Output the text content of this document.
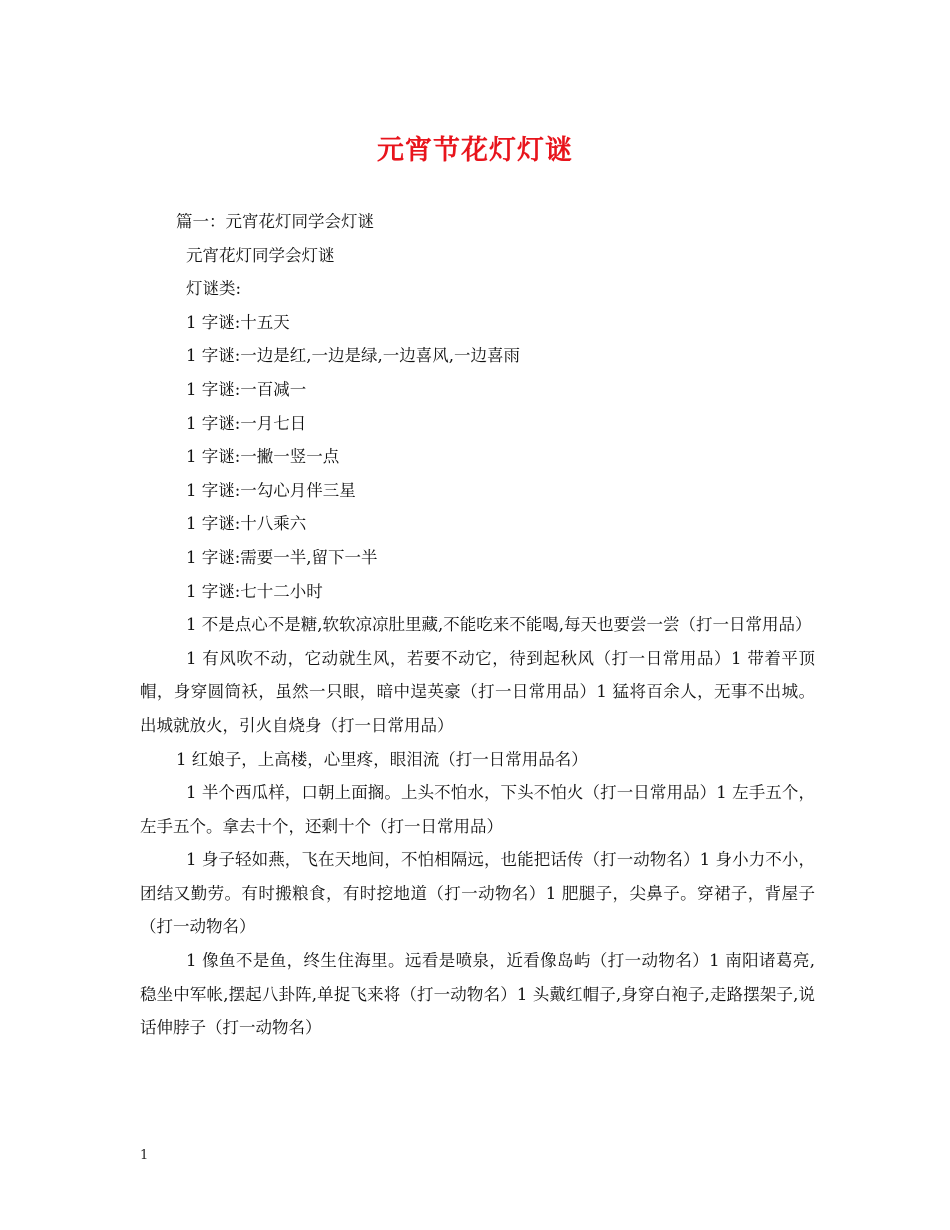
元宵节花灯灯谜
篇一：元宵花灯同学会灯谜
元宵花灯同学会灯谜
灯谜类:
1 字谜:十五天
1 字谜:一边是红,一边是绿,一边喜风,一边喜雨
1 字谜:一百减一
1 字谜:一月七日
1 字谜:一撇一竖一点
1 字谜:一勾心月伴三星
1 字谜:十八乘六
1 字谜:需要一半,留下一半
1 字谜:七十二小时
1 不是点心不是糖,软软凉凉肚里藏,不能吃来不能喝,每天也要尝一尝（打一日常用品）
1 有风吹不动，它动就生风，若要不动它，待到起秋风（打一日常用品）1 带着平顶帽，身穿圆筒袄，虽然一只眼，暗中逞英豪（打一日常用品）1 猛将百余人，无事不出城。出城就放火，引火自烧身（打一日常用品）
1 红娘子，上高楼，心里疼，眼泪流（打一日常用品名）
1 半个西瓜样，口朝上面搁。上头不怕水，下头不怕火（打一日常用品）1 左手五个，左手五个。拿去十个，还剩十个（打一日常用品）
1 身子轻如燕，飞在天地间，不怕相隔远，也能把话传（打一动物名）1 身小力不小，团结又勤劳。有时搬粮食，有时挖地道（打一动物名）1 肥腿子，尖鼻子。穿裙子，背屋子（打一动物名）
1 像鱼不是鱼，终生住海里。远看是喷泉，近看像岛屿（打一动物名）1 南阳诸葛亮,稳坐中军帐,摆起八卦阵,单捉飞来将（打一动物名）1 头戴红帽子,身穿白袍子,走路摆架子,说话伸脖子（打一动物名）
1
